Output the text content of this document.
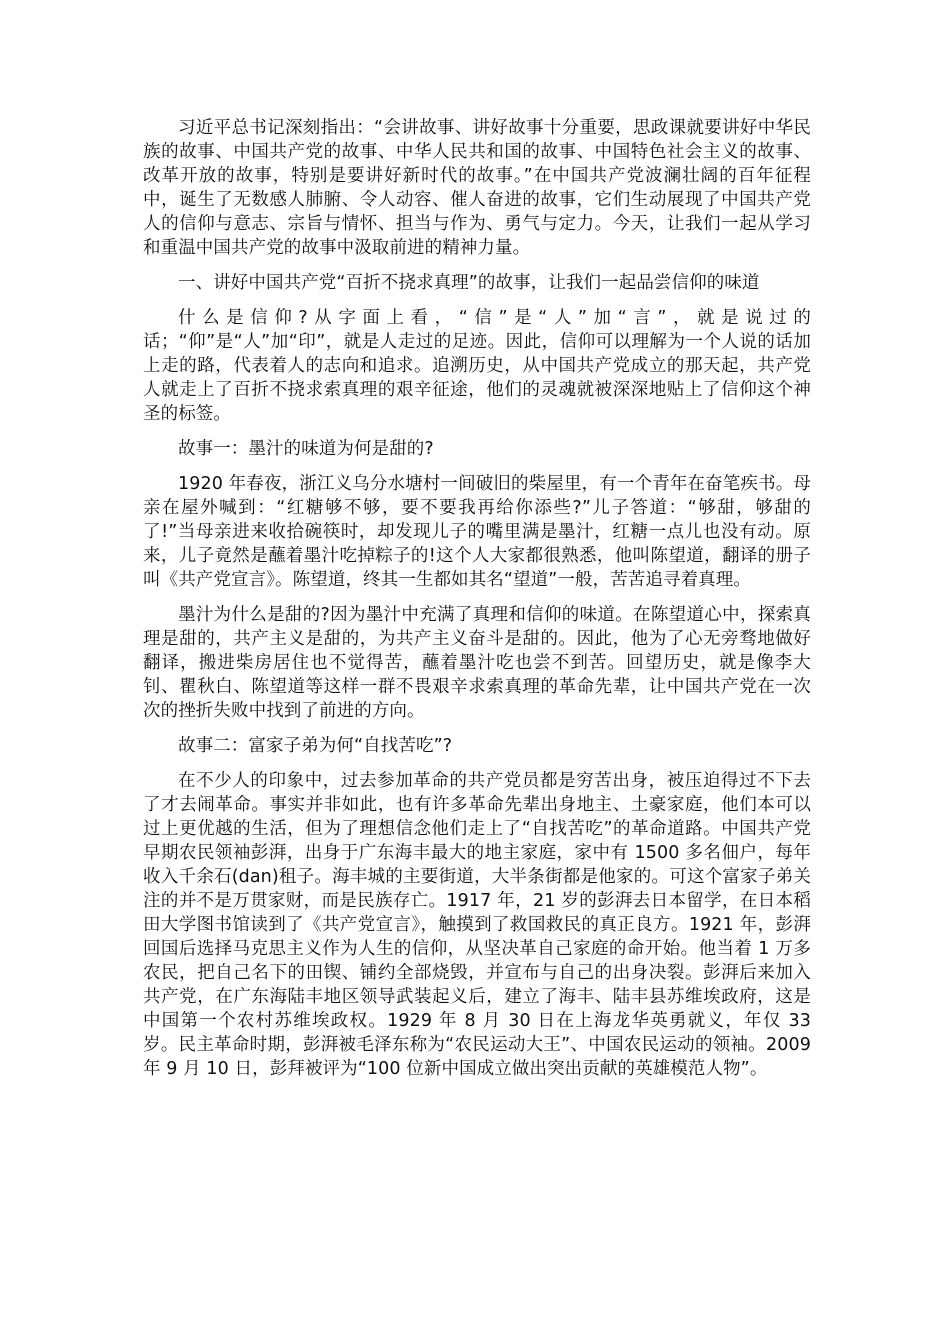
习近平总书记深刻指出：“会讲故事、讲好故事十分重要，思政课就要讲好中华民族的故事、中国共产党的故事、中华人民共和国的故事、中国特色社会主义的故事、改革开放的故事，特别是要讲好新时代的故事。”在中国共产党波澜壮阔的百年征程中，诞生了无数感人肺腑、令人动容、催人奋进的故事，它们生动展现了中国共产党人的信仰与意志、宗旨与情怀、担当与作为、勇气与定力。今天，让我们一起从学习和重温中国共产党的故事中汲取前进的精神力量。

一、讲好中国共产党“百折不挠求真理”的故事，让我们一起品尝信仰的味道

什么是信仰?从字面上看，“信”是“人”加“言”，就是说过的话；“仰”是“人”加“印”，就是人走过的足迹。因此，信仰可以理解为一个人说的话加上走的路，代表着人的志向和追求。追溯历史，从中国共产党成立的那天起，共产党人就走上了百折不挠求索真理的艰辛征途，他们的灵魂就被深深地贴上了信仰这个神圣的标签。

故事一：墨汁的味道为何是甜的?

1920 年春夜，浙江义乌分水塘村一间破旧的柴屋里，有一个青年在奋笔疾书。母亲在屋外喊到：“红糖够不够，要不要我再给你添些?”儿子答道：“够甜，够甜的了!”当母亲进来收拾碗筷时，却发现儿子的嘴里满是墨汁，红糖一点儿也没有动。原来，儿子竟然是蘸着墨汁吃掉粽子的!这个人大家都很熟悉，他叫陈望道，翻译的册子叫《共产党宣言》。陈望道，终其一生都如其名“望道”一般，苦苦追寻着真理。

墨汁为什么是甜的?因为墨汁中充满了真理和信仰的味道。在陈望道心中，探索真理是甜的，共产主义是甜的，为共产主义奋斗是甜的。因此，他为了心无旁骛地做好翻译，搬进柴房居住也不觉得苦，蘸着墨汁吃也尝不到苦。回望历史，就是像李大钊、瞿秋白、陈望道等这样一群不畏艰辛求索真理的革命先辈，让中国共产党在一次次的挫折失败中找到了前进的方向。

故事二：富家子弟为何“自找苦吃”?

在不少人的印象中，过去参加革命的共产党员都是穷苦出身，被压迫得过不下去了才去闹革命。事实并非如此，也有许多革命先辈出身地主、土豪家庭，他们本可以过上更优越的生活，但为了理想信念他们走上了“自找苦吃”的革命道路。中国共产党早期农民领袖彭湃，出身于广东海丰最大的地主家庭，家中有 1500 多名佃户，每年收入千余石(dan)租子。海丰城的主要街道，大半条街都是他家的。可这个富家子弟关注的并不是万贯家财，而是民族存亡。1917 年，21 岁的彭湃去日本留学，在日本稻田大学图书馆读到了《共产党宣言》，触摸到了救国救民的真正良方。1921 年，彭湃回国后选择马克思主义作为人生的信仰，从坚决革自己家庭的命开始。他当着 1 万多农民，把自己名下的田锲、铺约全部烧毁，并宣布与自己的出身决裂。彭湃后来加入共产党，在广东海陆丰地区领导武装起义后，建立了海丰、陆丰县苏维埃政府，这是中国第一个农村苏维埃政权。1929 年 8 月 30 日在上海龙华英勇就义，年仅 33 岁。民主革命时期，彭湃被毛泽东称为“农民运动大王”、中国农民运动的领袖。2009 年 9 月 10 日，彭拜被评为“100 位新中国成立做出突出贡献的英雄模范人物”。
